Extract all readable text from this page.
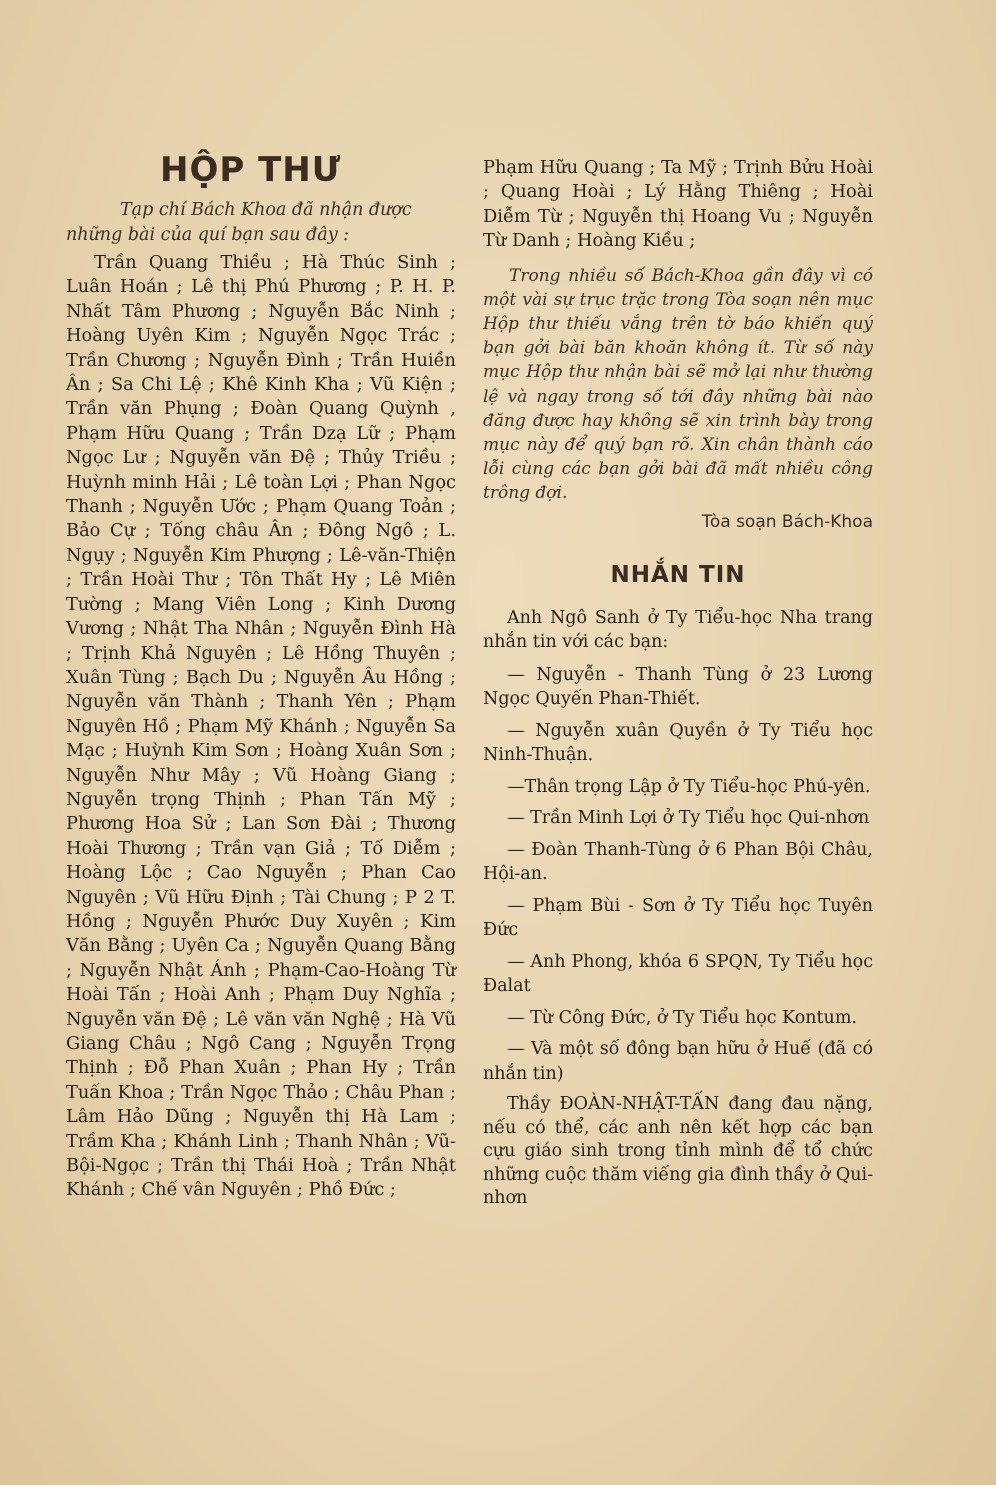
HỘP THƯ

Tạp chí Bách Khoa đã nhận được những bài của quí bạn sau đây :

Trần Quang Thiều ; Hà Thúc Sinh ; Luân Hoán ; Lê thị Phú Phương ; P. H. P. Nhất Tâm Phương ; Nguyễn Bắc Ninh ; Hoàng Uyên Kim ; Nguyễn Ngọc Trác ; Trần Chương ; Nguyễn Đình ; Trần Huiền Ân ; Sa Chi Lệ ; Khê Kinh Kha ; Vũ Kiện ; Trần văn Phụng ; Đoàn Quang Quỳnh , Phạm Hữu Quang ; Trần Dzạ Lữ ; Phạm Ngọc Lư ; Nguyễn văn Đệ ; Thủy Triều ; Huỳnh minh Hải ; Lê toàn Lợi ; Phan Ngọc Thanh ; Nguyễn Ước ; Phạm Quang Toản ; Bảo Cự ; Tống châu Ân ; Đông Ngô ; L. Ngụy ; Nguyễn Kim Phượng ; Lê-văn-Thiện ; Trần Hoài Thư ; Tôn Thất Hy ; Lê Miên Tường ; Mang Viên Long ; Kinh Dương Vương ; Nhật Tha Nhân ; Nguyễn Đình Hà ; Trịnh Khả Nguyên ; Lê Hồng Thuyên ; Xuân Tùng ; Bạch Du ; Nguyễn Âu Hồng ; Nguyễn văn Thành ; Thanh Yên ; Phạm Nguyên Hồ ; Phạm Mỹ Khánh ; Nguyễn Sa Mạc ; Huỳnh Kim Sơn ; Hoàng Xuân Sơn ; Nguyễn Như Mây ; Vũ Hoàng Giang ; Nguyễn trọng Thịnh ; Phan Tấn Mỹ ; Phương Hoa Sử ; Lan Sơn Đài ; Thương Hoài Thương ; Trần vạn Giả ; Tố Diễm ; Hoàng Lộc ; Cao Nguyễn ; Phan Cao Nguyên ; Vũ Hữu Định ; Tài Chung ; P 2 T. Hồng ; Nguyễn Phước Duy Xuyên ; Kim Văn Bằng ; Uyên Ca ; Nguyễn Quang Bằng ; Nguyễn Nhật Ánh ; Phạm-Cao-Hoàng Từ Hoài Tấn ; Hoài Anh ; Phạm Duy Nghĩa ; Nguyễn văn Đệ ; Lê văn văn Nghệ ; Hà Vũ Giang Châu ; Ngô Cang ; Nguyễn Trọng Thịnh ; Đỗ Phan Xuân ; Phan Hy ; Trần Tuấn Khoa ; Trần Ngọc Thảo ; Châu Phan ; Lâm Hảo Dũng ; Nguyễn thị Hà Lam ; Trầm Kha ; Khánh Linh ; Thanh Nhân ; Vũ-Bội-Ngọc ; Trần thị Thái Hoà ; Trần Nhật Khánh ; Chế vân Nguyên ; Phồ Đức ;

Phạm Hữu Quang ; Ta Mỹ ; Trịnh Bửu Hoài ; Quang Hoài ; Lý Hằng Thiêng ; Hoài Diễm Từ ; Nguyễn thị Hoang Vu ; Nguyễn Từ Danh ; Hoàng Kiều ;

Trong nhiều số Bách-Khoa gần đây vì có một vài sự trục trặc trong Tòa soạn nên mục Hộp thư thiếu vắng trên tờ báo khiến quý bạn gởi bài băn khoăn không ít. Từ số này mục Hộp thư nhận bài sẽ mở lại như thường lệ và ngay trong số tới đây những bài nào đăng được hay không sẽ xin trình bày trong mục này để quý bạn rõ. Xin chân thành cáo lỗi cùng các bạn gởi bài đã mất nhiều công trông đợi.

Tòa soạn Bách-Khoa

NHẮN TIN

Anh Ngô Sanh ở Ty Tiểu-học Nha trang nhắn tin với các bạn:

— Nguyễn - Thanh Tùng ở 23 Lương Ngọc Quyến Phan-Thiết.

— Nguyễn xuân Quyền ở Ty Tiểu học Ninh-Thuận.

—Thân trọng Lập ở Ty Tiểu-học Phú-yên.

— Trần Minh Lợi ở Ty Tiểu học Qui-nhơn

— Đoàn Thanh-Tùng ở 6 Phan Bội Châu, Hội-an.

— Phạm Bùi - Sơn ở Ty Tiểu học Tuyên Đức

— Anh Phong, khóa 6 SPQN, Ty Tiểu học Đalat

— Từ Công Đức, ở Ty Tiểu học Kontum.

— Và một số đông bạn hữu ở Huế (đã có nhắn tin)

Thầy ĐOÀN-NHẬT-TẤN đang đau nặng, nếu có thể, các anh nên kết hợp các bạn cựu giáo sinh trong tỉnh mình để tổ chức những cuộc thăm viếng gia đình thầy ở Qui-nhơn
